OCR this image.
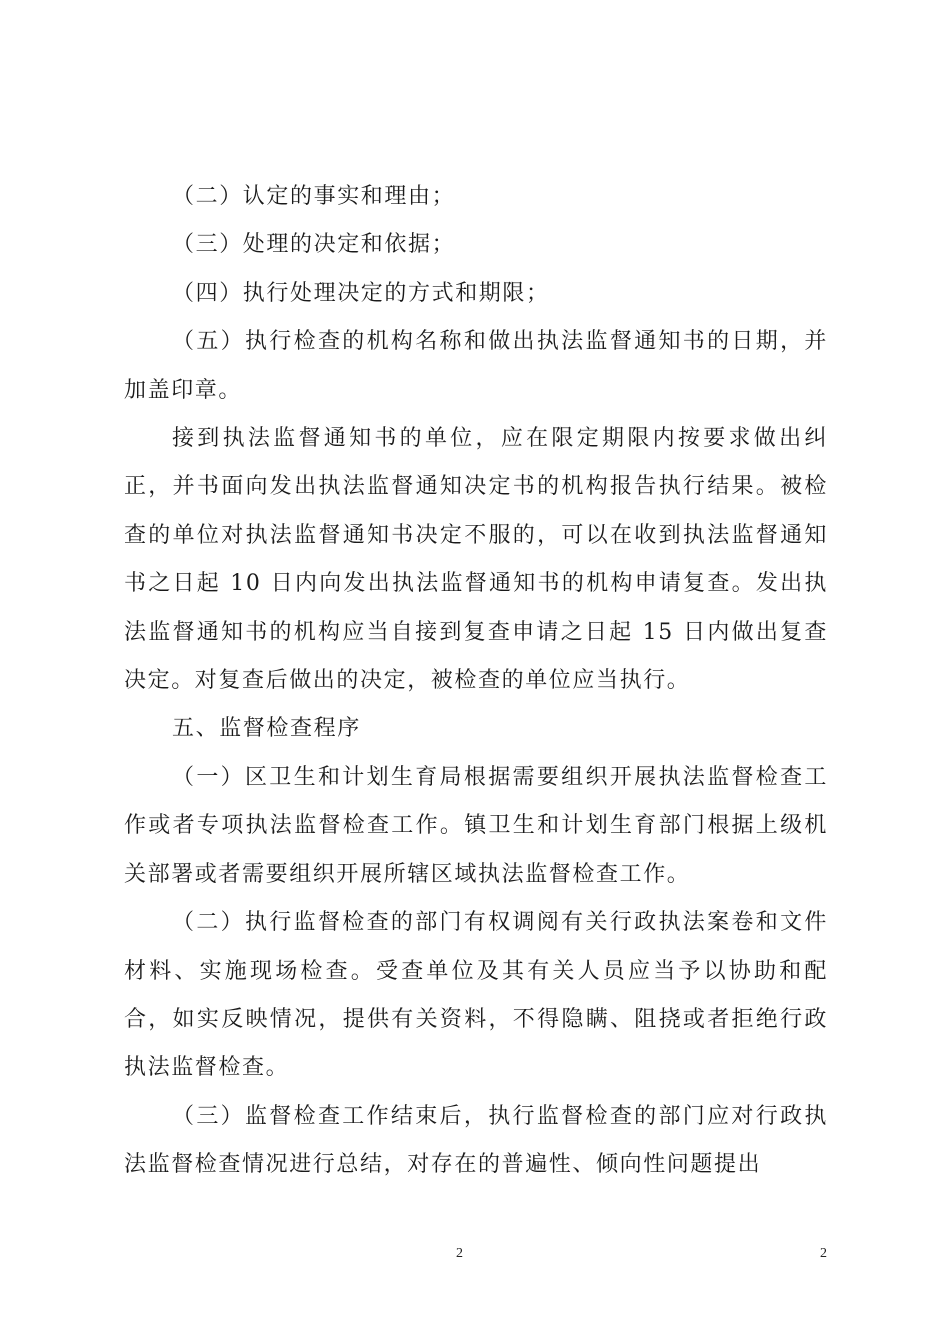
（二）认定的事实和理由；

（三）处理的决定和依据；

（四）执行处理决定的方式和期限；

（五）执行检查的机构名称和做出执法监督通知书的日期，并加盖印章。

接到执法监督通知书的单位，应在限定期限内按要求做出纠正，并书面向发出执法监督通知决定书的机构报告执行结果。被检查的单位对执法监督通知书决定不服的，可以在收到执法监督通知书之日起 10 日内向发出执法监督通知书的机构申请复查。发出执法监督通知书的机构应当自接到复查申请之日起 15 日内做出复查决定。对复查后做出的决定，被检查的单位应当执行。

五、监督检查程序

（一）区卫生和计划生育局根据需要组织开展执法监督检查工作或者专项执法监督检查工作。镇卫生和计划生育部门根据上级机关部署或者需要组织开展所辖区域执法监督检查工作。

（二）执行监督检查的部门有权调阅有关行政执法案卷和文件材料、实施现场检查。受查单位及其有关人员应当予以协助和配合，如实反映情况，提供有关资料，不得隐瞒、阻挠或者拒绝行政执法监督检查。

（三）监督检查工作结束后，执行监督检查的部门应对行政执法监督检查情况进行总结，对存在的普遍性、倾向性问题提出

2	2
